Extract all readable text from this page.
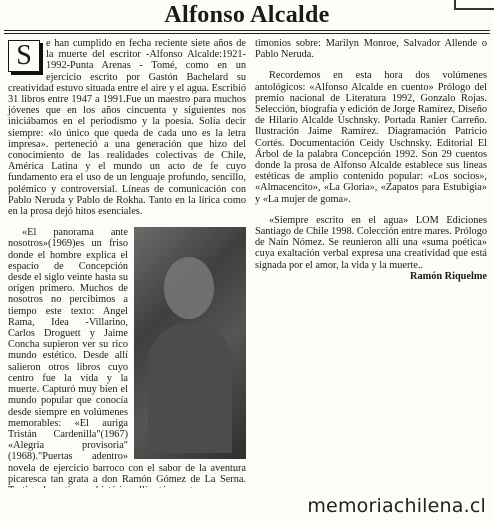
Alfonso Alcalde

S	e han cumplido en fecha reciente siete años de la muerte del escritor -Alfonso Alcalde:1921-1992-Punta Arenas - Tomé, como en un ejercicio escrito por Gastón Bachelard su creatividad estuvo situada entre el aire y el agua. Escribió 31 libros entre 1947 a 1991.Fue un maestro para muchos jóvenes que en los años cincuenta y siguientes nos iniciábamos en el periodismo y la poesía. Solía decir siempre: «lo único que queda de cada uno es la letra impresa». perteneció a una generación que hizo del conocimiento de las realidades colectivas de Chile, América Latina y el mundo un acto de fe cuyo fundamento era el uso de un lenguaje profundo, sencillo, polémico y controversial. Líneas de comunicación con Pablo Neruda y Pablo de Rokha. Tanto en la lírica como en la prosa dejó hitos esenciales.

«El panorama ante nosotros»(1969)es un friso donde el hombre explica el espacio de Concepción desde el siglo veinte hasta su origen primero. Muchos de nosotros no percibimos a tiempo este texto: Angel Rama, Idea -Villarino, Carlos Droguett y Jaime Concha supieron ver su rico mundo estético. Desde allí salieron otros libros cuyo centro fue la vida y la muerte. Capturó muy bien el mundo popular que conocía desde siempre en volúmenes memorables: «El auriga Tristán Cardenilla"(1967) «Alegría provisoria" (1968)."Puertas adentro» novela de ejercicio barroco con el sabor de la aventura picaresca tan grata a don Ramón Gómez de La Serna.

timonios sobre: Marilyn Monroe, Salvador Allende o Pablo Neruda.

Recordemos en esta hora dos volúmenes antológicos: «Alfonso Alcalde en cuento» Prólogo del premio nacional de Literatura 1992, Gonzalo Rojas. Selección, biografía y edición de Jorge Ramírez, Diseño de Hilario Alcalde Uschnsky. Portada Ranier Carreño. Ilustración Jaime Ramírez. Diagramación Patricio Cortés. Documentación Ceidy Uschnsky. Editorial El Árbol de la palabra Concepción 1992. Son 29 cuentos donde la prosa de Alfonso Alcalde establece sus líneas estéticas de amplio contenido popular: «Los socios», «Almacencito», «La Gloria», «Zapatos para Estubigia» y «La mujer de goma».

«Siempre escrito en el agua» LOM Ediciones Santiago de Chile 1998. Colección entre mares. Prólogo de Naín Nómez. Se reunieron allí una «suma poética» cuya exaltación verbal expresa una creatividad que está signada por el amor, la vida y la muerte..

Ramón Riquelme

memoriachilena.cl
